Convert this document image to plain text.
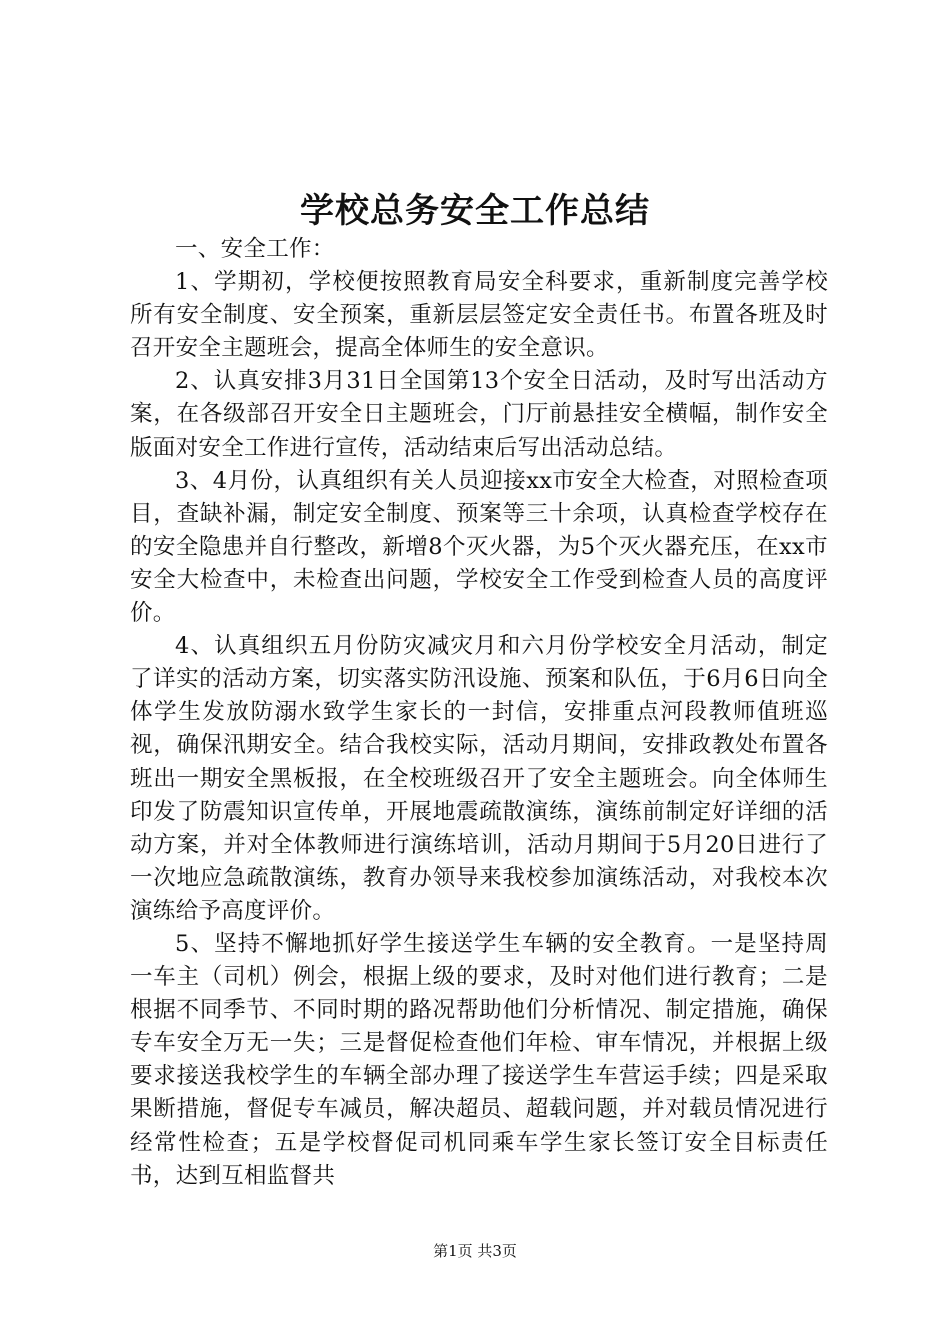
学校总务安全工作总结

一、安全工作：

1、学期初，学校便按照教育局安全科要求，重新制度完善学校所有安全制度、安全预案，重新层层签定安全责任书。布置各班及时召开安全主题班会，提高全体师生的安全意识。

2、认真安排3月31日全国第13个安全日活动，及时写出活动方案，在各级部召开安全日主题班会，门厅前悬挂安全横幅，制作安全版面对安全工作进行宣传，活动结束后写出活动总结。

3、4月份，认真组织有关人员迎接xx市安全大检查，对照检查项目，查缺补漏，制定安全制度、预案等三十余项，认真检查学校存在的安全隐患并自行整改，新增8个灭火器，为5个灭火器充压，在xx市安全大检查中，未检查出问题，学校安全工作受到检查人员的高度评价。

4、认真组织五月份防灾减灾月和六月份学校安全月活动，制定了详实的活动方案，切实落实防汛设施、预案和队伍，于6月6日向全体学生发放防溺水致学生家长的一封信，安排重点河段教师值班巡视，确保汛期安全。结合我校实际，活动月期间，安排政教处布置各班出一期安全黑板报，在全校班级召开了安全主题班会。向全体师生印发了防震知识宣传单，开展地震疏散演练，演练前制定好详细的活动方案，并对全体教师进行演练培训，活动月期间于5月20日进行了一次地应急疏散演练，教育办领导来我校参加演练活动，对我校本次演练给予高度评价。

5、坚持不懈地抓好学生接送学生车辆的安全教育。一是坚持周一车主（司机）例会，根据上级的要求，及时对他们进行教育；二是根据不同季节、不同时期的路况帮助他们分析情况、制定措施，确保专车安全万无一失；三是督促检查他们年检、审车情况，并根据上级要求接送我校学生的车辆全部办理了接送学生车营运手续；四是采取果断措施，督促专车减员，解决超员、超载问题，并对载员情况进行经常性检查；五是学校督促司机同乘车学生家长签订安全目标责任书，达到互相监督共

第1页 共3页
